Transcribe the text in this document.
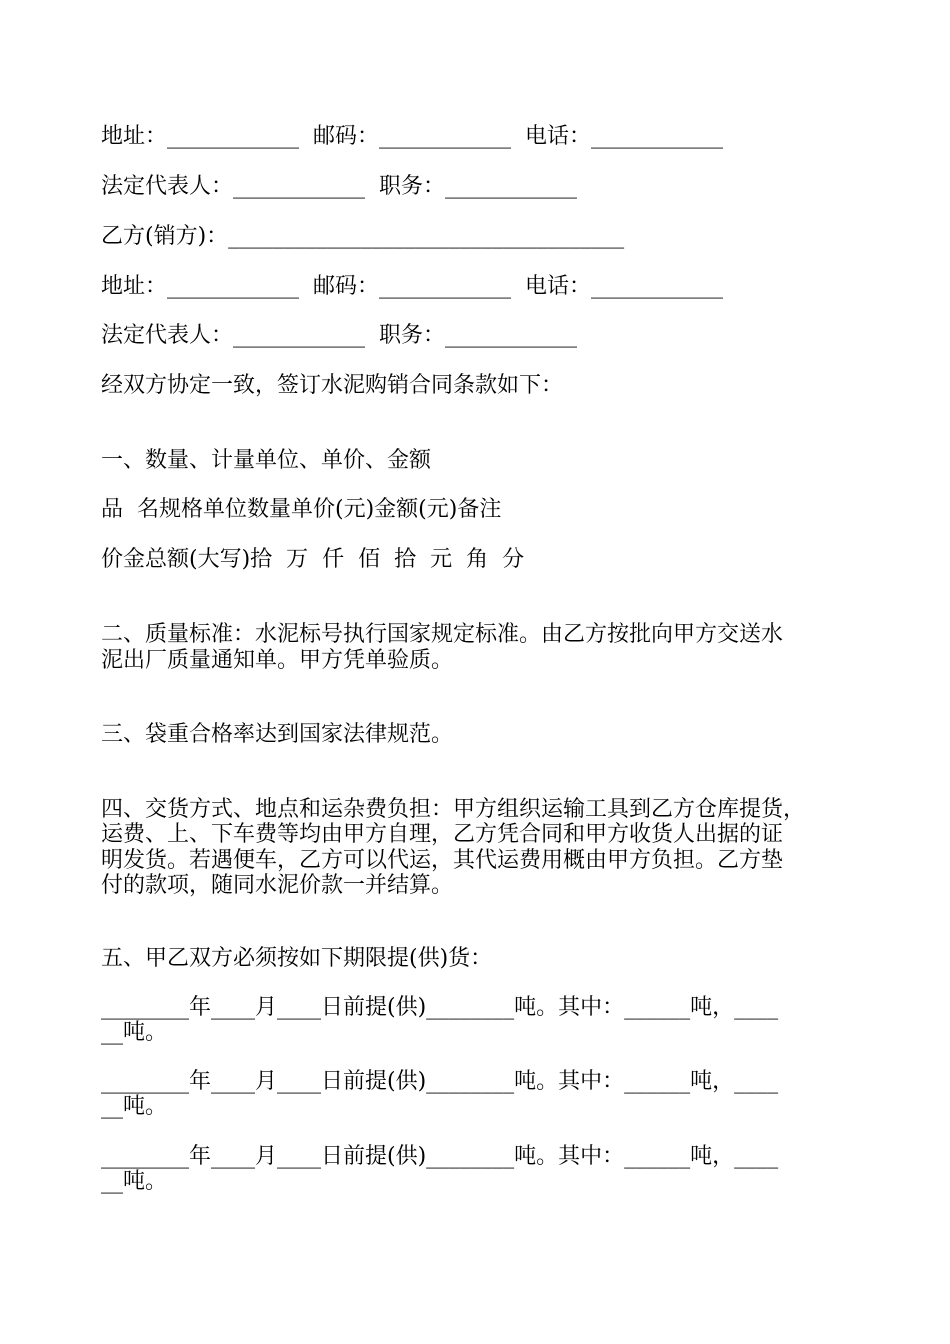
地址：____________ 邮码：____________ 电话：____________
法定代表人：____________ 职务：____________
乙方(销方)：____________________________________
地址：____________ 邮码：____________ 电话：____________
法定代表人：____________ 职务：____________
经双方协定一致，签订水泥购销合同条款如下：
一、数量、计量单位、单价、金额
品  名规格单位数量单价(元)金额(元)备注
价金总额(大写)拾  万  仟  佰  拾  元  角  分
二、质量标准：水泥标号执行国家规定标准。由乙方按批向甲方交送水
泥出厂质量通知单。甲方凭单验质。
三、袋重合格率达到国家法律规范。
四、交货方式、地点和运杂费负担：甲方组织运输工具到乙方仓库提货，
运费、上、下车费等均由甲方自理，乙方凭合同和甲方收货人出据的证
明发货。若遇便车，乙方可以代运，其代运费用概由甲方负担。乙方垫
付的款项，随同水泥价款一并结算。
五、甲乙双方必须按如下期限提(供)货：
________年____月____日前提(供)________吨。其中：______吨，____
__吨。
________年____月____日前提(供)________吨。其中：______吨，____
__吨。
________年____月____日前提(供)________吨。其中：______吨，____
__吨。
